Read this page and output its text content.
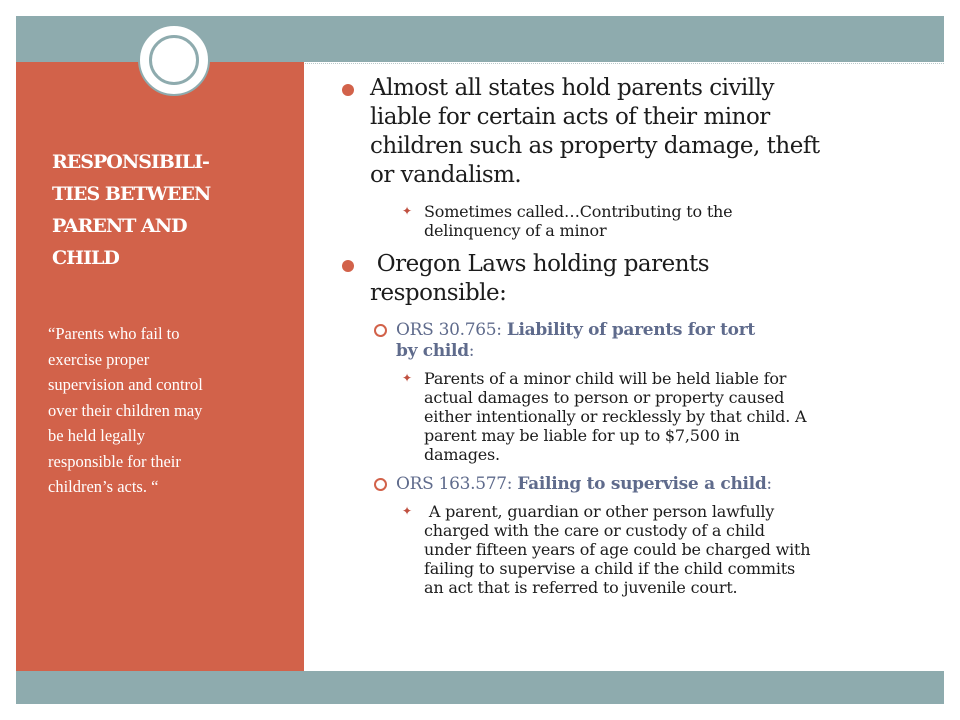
RESPONSIBILI-
TIES BETWEEN
PARENT AND
CHILD

“Parents who fail to
exercise proper
supervision and control
over their children may
be held legally
responsible for their
children’s acts. “

Almost all states hold parents civilly
liable for certain acts of their minor
children such as property damage, theft
or vandalism.
✦ Sometimes called…Contributing to the
delinquency of a minor
Oregon Laws holding parents
responsible:
ORS 30.765: Liability of parents for tort
by child:
✦ Parents of a minor child will be held liable for
actual damages to person or property caused
either intentionally or recklessly by that child. A
parent may be liable for up to $7,500 in
damages.
ORS 163.577: Failing to supervise a child:
✦ A parent, guardian or other person lawfully
charged with the care or custody of a child
under fifteen years of age could be charged with
failing to supervise a child if the child commits
an act that is referred to juvenile court.
